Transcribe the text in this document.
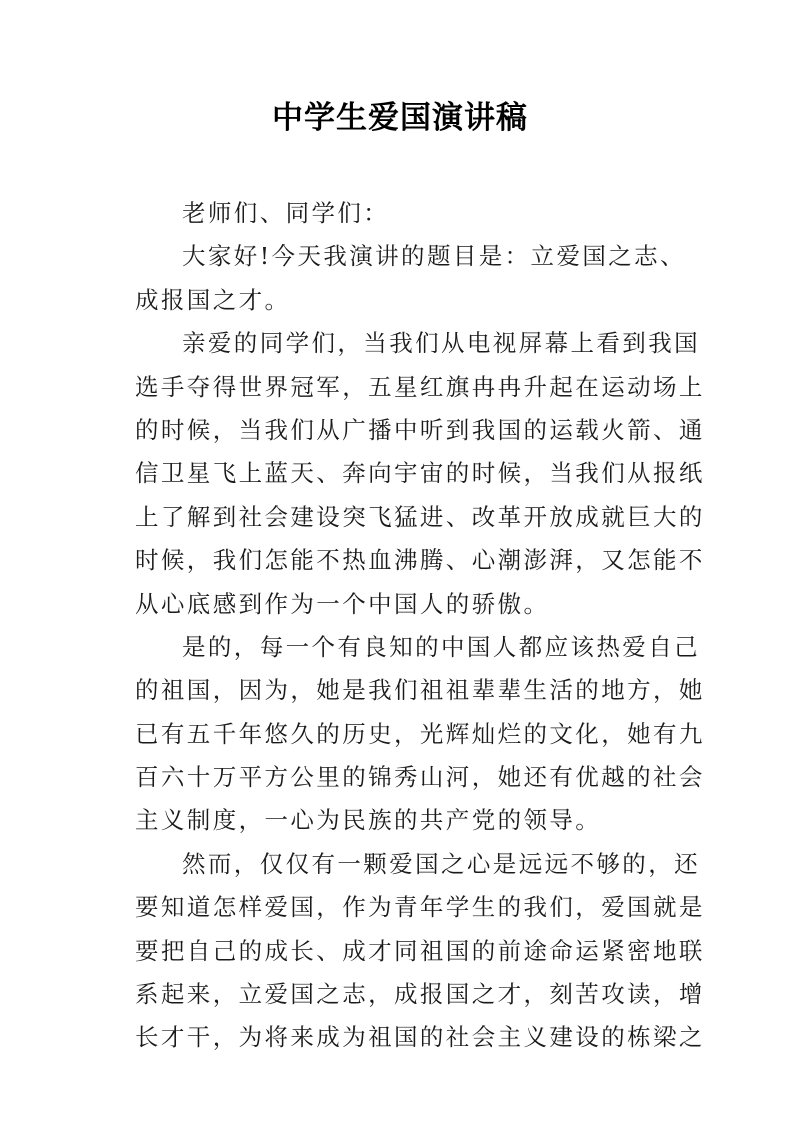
中学生爱国演讲稿
老师们、同学们：
大家好!今天我演讲的题目是：立爱国之志、
成报国之才。
亲爱的同学们，当我们从电视屏幕上看到我国
选手夺得世界冠军，五星红旗冉冉升起在运动场上
的时候，当我们从广播中听到我国的运载火箭、通
信卫星飞上蓝天、奔向宇宙的时候，当我们从报纸
上了解到社会建设突飞猛进、改革开放成就巨大的
时候，我们怎能不热血沸腾、心潮澎湃，又怎能不
从心底感到作为一个中国人的骄傲。
是的，每一个有良知的中国人都应该热爱自己
的祖国，因为，她是我们祖祖辈辈生活的地方，她
已有五千年悠久的历史，光辉灿烂的文化，她有九
百六十万平方公里的锦秀山河，她还有优越的社会
主义制度，一心为民族的共产党的领导。
然而，仅仅有一颗爱国之心是远远不够的，还
要知道怎样爱国，作为青年学生的我们，爱国就是
要把自己的成长、成才同祖国的前途命运紧密地联
系起来，立爱国之志，成报国之才，刻苦攻读，增
长才干，为将来成为祖国的社会主义建设的栋梁之
